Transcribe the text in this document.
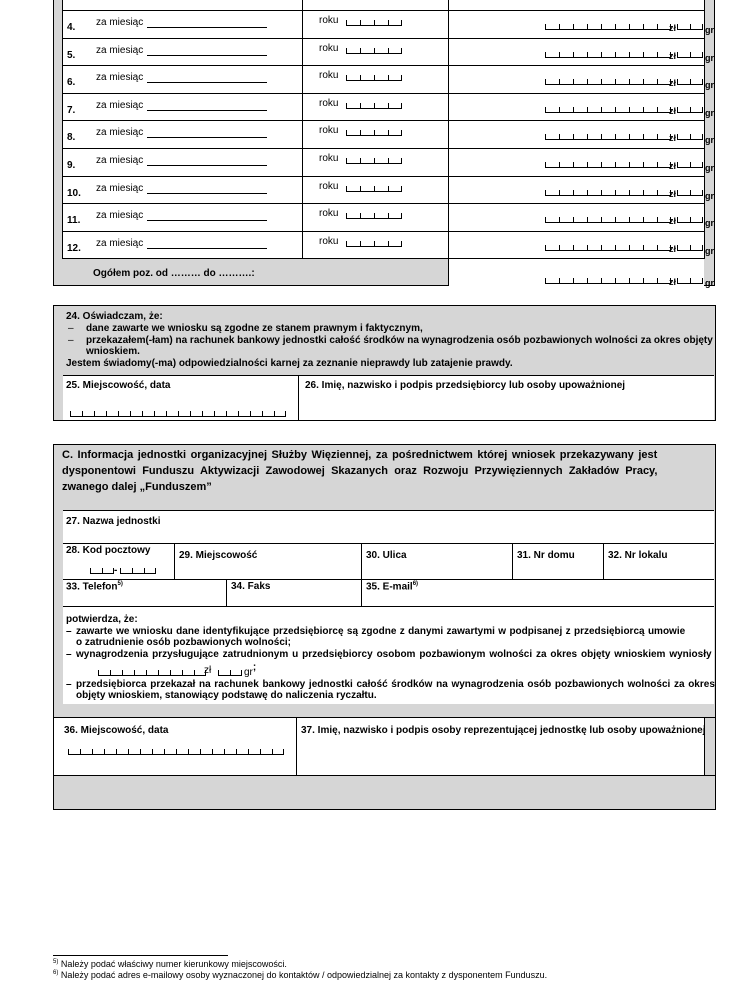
4. za miesiąc	roku
zł	gr
5. za miesiąc	roku
zł	gr
6. za miesiąc	roku
zł	gr
7. za miesiąc	roku
zł	gr
8. za miesiąc	roku
zł	gr
9. za miesiąc	roku
zł	gr
10. za miesiąc	roku
zł	gr
11. za miesiąc	roku
zł	gr
12. za miesiąc	roku
zł	gr
Ogółem poz. od ……… do ……….:
zł	gr
24. Oświadczam, że:
– dane zawarte we wniosku są zgodne ze stanem prawnym i faktycznym,
– przekazałem(-łam) na rachunek bankowy jednostki całość środków na wynagrodzenia osób pozbawionych wolności za okres objęty
wnioskiem.
Jestem świadomy(-ma) odpowiedzialności karnej za zeznanie nieprawdy lub zatajenie prawdy.
25. Miejscowość, data	26. Imię, nazwisko i podpis przedsiębiorcy lub osoby upoważnionej
C. Informacja jednostki organizacyjnej Służby Więziennej, za pośrednictwem której wniosek przekazywany jest
dysponentowi Funduszu Aktywizacji Zawodowej Skazanych oraz Rozwoju Przywięziennych Zakładów Pracy,
zwanego dalej „Funduszem”
27. Nazwa jednostki
28. Kod pocztowy
-
29. Miejscowość	30. Ulica	31. Nr domu	32. Nr lokalu
33. Telefon$^{5)}$	34. Faks	35. E-mail$^{6)}$
potwierdza, że:
– zawarte we wniosku dane identyfikujące przedsiębiorcę są zgodne z danymi zawartymi w podpisanej z przedsiębiorcą umowie
o zatrudnienie osób pozbawionych wolności;
– wynagrodzenia przysługujące zatrudnionym u przedsiębiorcy osobom pozbawionym wolności za okres objęty wnioskiem wyniosły
zł	gr;
– przedsiębiorca przekazał na rachunek bankowy jednostki całość środków na wynagrodzenia osób pozbawionych wolności za okres
objęty wnioskiem, stanowiący podstawę do naliczenia ryczałtu.
36. Miejscowość, data	37. Imię, nazwisko i podpis osoby reprezentującej jednostkę lub osoby upoważnionej
$^{5)}$ Należy podać właściwy numer kierunkowy miejscowości.
$^{6)}$ Należy podać adres e-mailowy osoby wyznaczonej do kontaktów / odpowiedzialnej za kontakty z dysponentem Funduszu.
